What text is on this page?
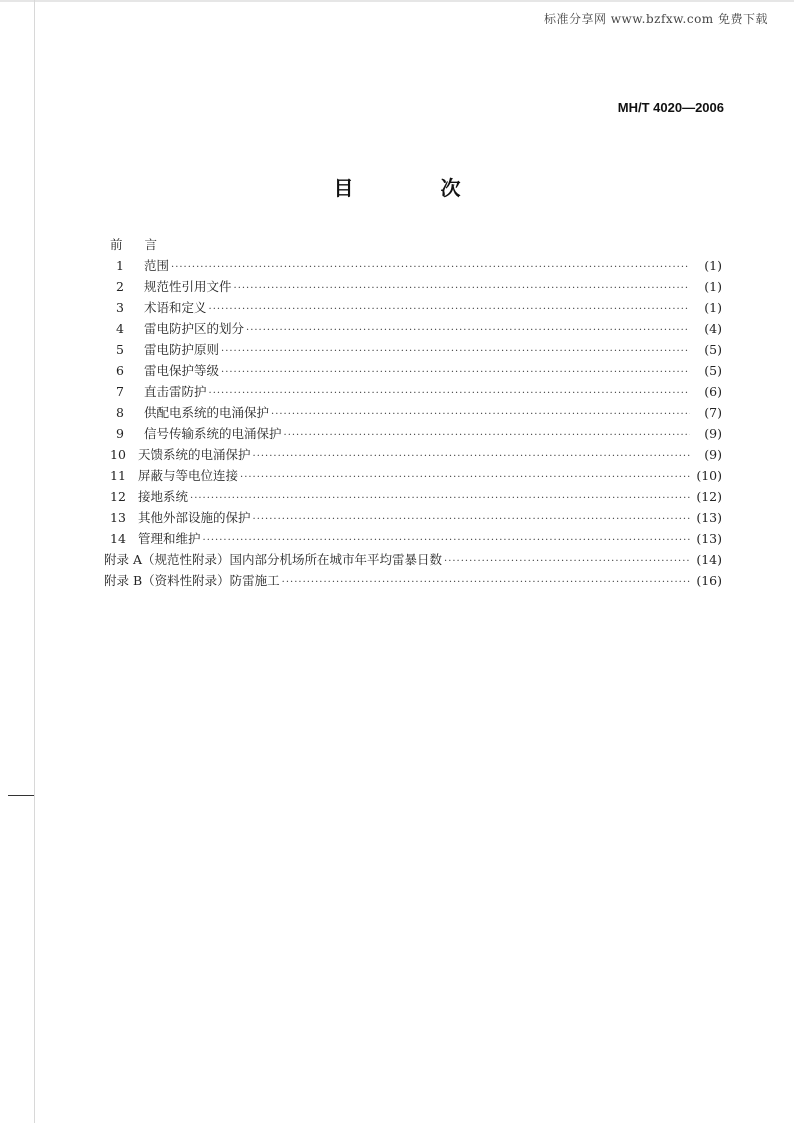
标准分享网 www.bzfxw.com 免费下载
MH/T 4020—2006
目 次
前言
1	范围 ·····	(1)
2	规范性引用文件 ·····	(1)
3	术语和定义 ·····	(1)
4	雷电防护区的划分 ·····	(4)
5	雷电防护原则 ·····	(5)
6	雷电保护等级 ·····	(5)
7	直击雷防护 ·····	(6)
8	供配电系统的电涌保护 ·····	(7)
9	信号传输系统的电涌保护 ·····	(9)
10 天馈系统的电涌保护 ·····	(9)
11 屏蔽与等电位连接 ·····	(10)
12 接地系统 ·····	(12)
13 其他外部设施的保护 ·····	(13)
14 管理和维护 ·····	(13)
附录 A（规范性附录）国内部分机场所在城市年平均雷暴日数 ·····	(14)
附录 B（资料性附录）防雷施工 ·····	(16)
